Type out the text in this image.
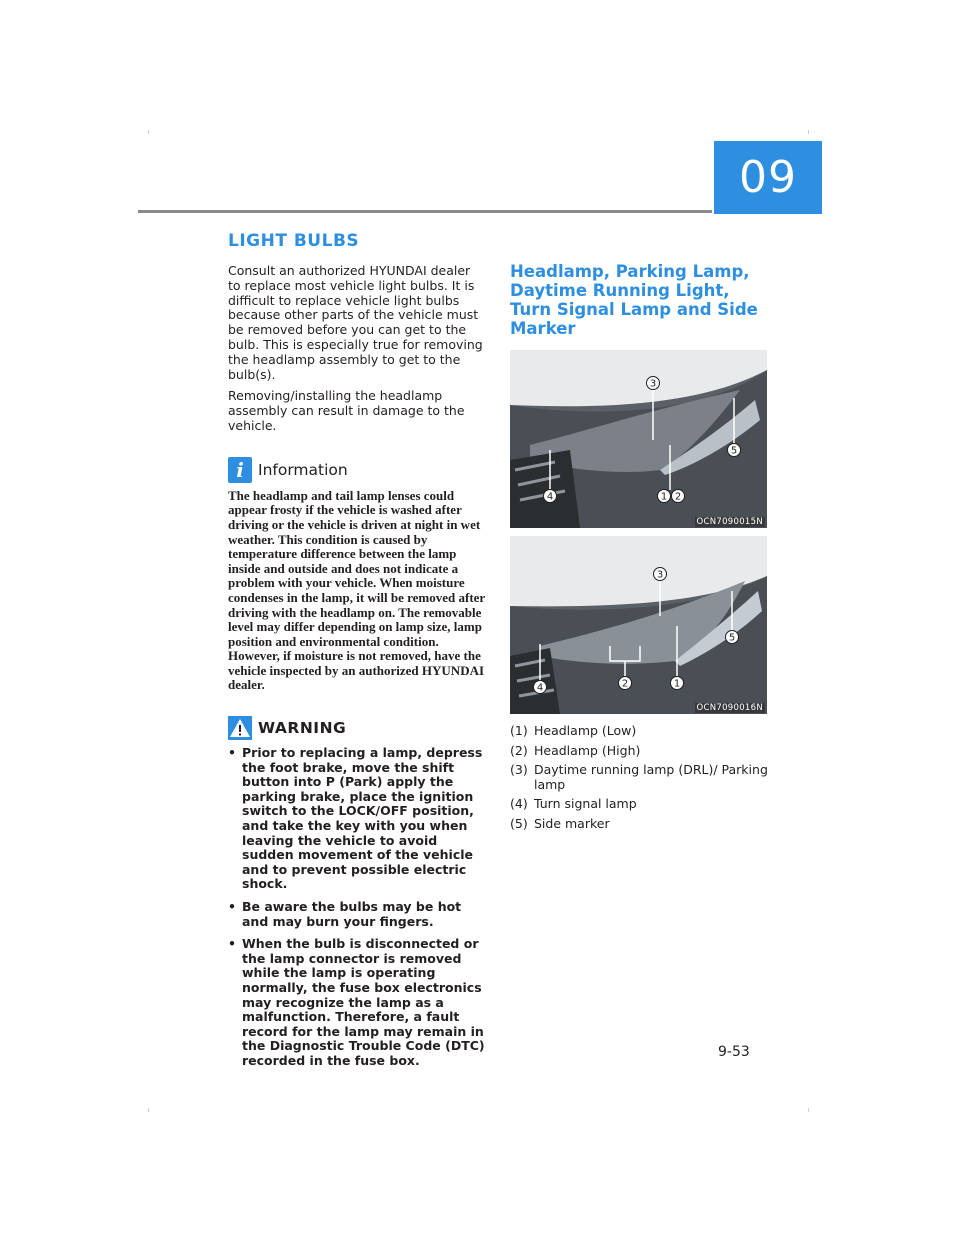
09
LIGHT BULBS

Consult an authorized HYUNDAI dealer to replace most vehicle light bulbs. It is difficult to replace vehicle light bulbs because other parts of the vehicle must be removed before you can get to the bulb. This is especially true for removing the headlamp assembly to get to the bulb(s).

Removing/installing the headlamp assembly can result in damage to the vehicle.

i Information

The headlamp and tail lamp lenses could appear frosty if the vehicle is washed after driving or the vehicle is driven at night in wet weather. This condition is caused by temperature difference between the lamp inside and outside and does not indicate a problem with your vehicle. When moisture condenses in the lamp, it will be removed after driving with the headlamp on. The removable level may differ depending on lamp size, lamp position and environmental condition. However, if moisture is not removed, have the vehicle inspected by an authorized HYUNDAI dealer.

WARNING
• Prior to replacing a lamp, depress the foot brake, move the shift button into P (Park) apply the parking brake, place the ignition switch to the LOCK/OFF position, and take the key with you when leaving the vehicle to avoid sudden movement of the vehicle and to prevent possible electric shock.
• Be aware the bulbs may be hot and may burn your fingers.
• When the bulb is disconnected or the lamp connector is removed while the lamp is operating normally, the fuse box electronics may recognize the lamp as a malfunction. Therefore, a fault record for the lamp may remain in the Diagnostic Trouble Code (DTC) recorded in the fuse box.
Headlamp, Parking Lamp, Daytime Running Light, Turn Signal Lamp and Side Marker
3
5
4	1 2
OCN7090015N
3
5
4	2	1
OCN7090016N
(1) Headlamp (Low)
(2) Headlamp (High)
(3) Daytime running lamp (DRL)/ Parking lamp
(4) Turn signal lamp
(5) Side marker
9-53
